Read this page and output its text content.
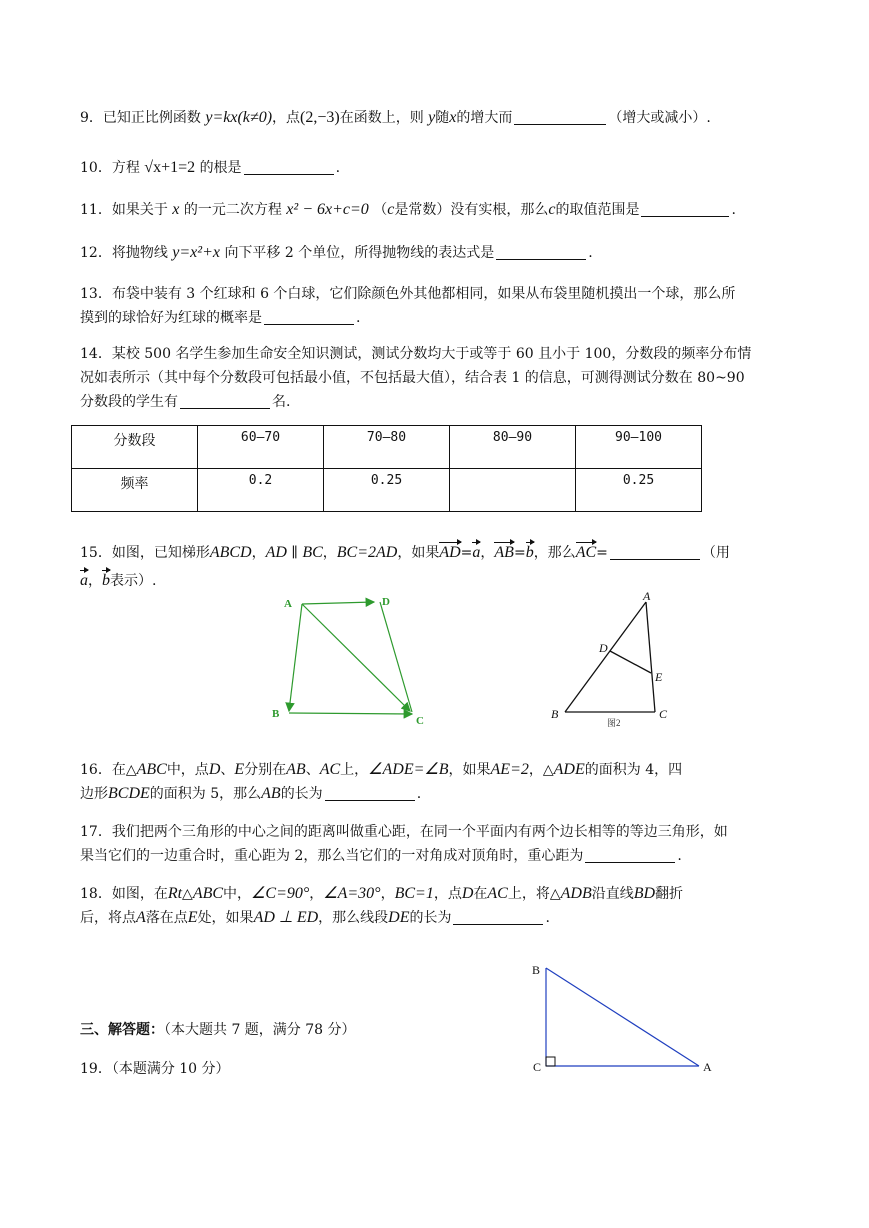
9．已知正比例函数 y=kx(k≠0)，点(2,−3)在函数上，则 y随x的增大而	（增大或减小）.
10．方程 √x+1=2 的根是	.
11．如果关于 x 的一元二次方程 x² − 6x+c=0 （c是常数）没有实根，那么c的取值范围是	.
12．将抛物线 y=x²+x 向下平移 2 个单位，所得抛物线的表达式是	.
13．布袋中装有 3 个红球和 6 个白球，它们除颜色外其他都相同，如果从布袋里随机摸出一个球，那么所
摸到的球恰好为红球的概率是	.
14．某校 500 名学生参加生命安全知识测试，测试分数均大于或等于 60 且小于 100，分数段的频率分布情
况如表所示（其中每个分数段可包括最小值，不包括最大值），结合表 1 的信息，可测得测试分数在 80~90
分数段的学生有	名.
分数段	60—70	70—80	80—90	90—100
频率	0.2	0.25		0.25
15．如图，已知梯形ABCD，AD ∥ BC，BC=2AD，如果AD=a，AB=b，那么AC=	（用
a，b表示）.
A	D
B
C
A
D
E
B	C
图2
16．在△ABC中，点D、E分别在AB、AC上，∠ADE=∠B，如果AE=2，△ADE的面积为 4，四
边形BCDE的面积为 5，那么AB的长为	.
17．我们把两个三角形的中心之间的距离叫做重心距，在同一个平面内有两个边长相等的等边三角形，如
果当它们的一边重合时，重心距为 2，那么当它们的一对角成对顶角时，重心距为	.
18．如图，在Rt△ABC中，∠C=90°，∠A=30°，BC=1，点D在AC上，将△ADB沿直线BD翻折
后，将点A落在点E处，如果AD ⊥ ED，那么线段DE的长为	.
B
C	A
三、解答题：（本大题共 7 题，满分 78 分）
19．（本题满分 10 分）
